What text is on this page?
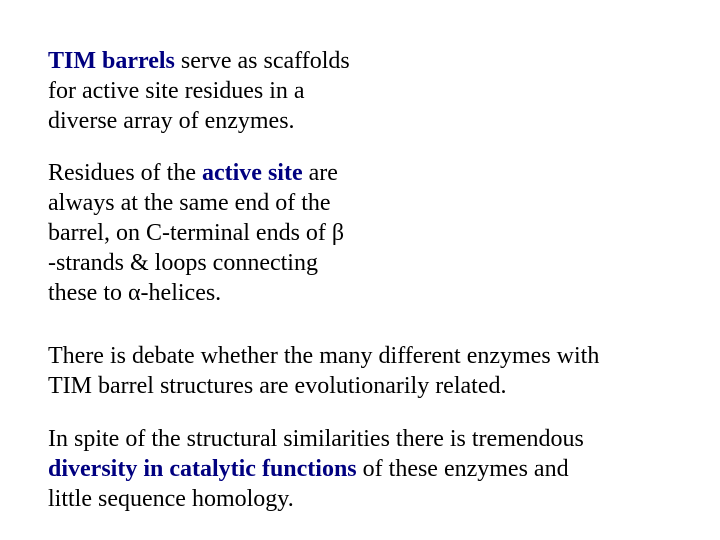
TIM barrels serve as scaffolds
for active site residues in a
diverse array of enzymes.
Residues of the active site are
always at the same end of the
barrel, on C-terminal ends of β
-strands & loops connecting
these to α-helices.
There is debate whether the many different enzymes with
TIM barrel structures are evolutionarily related.
In spite of the structural similarities there is tremendous
diversity in catalytic functions of these enzymes and
little sequence homology.
